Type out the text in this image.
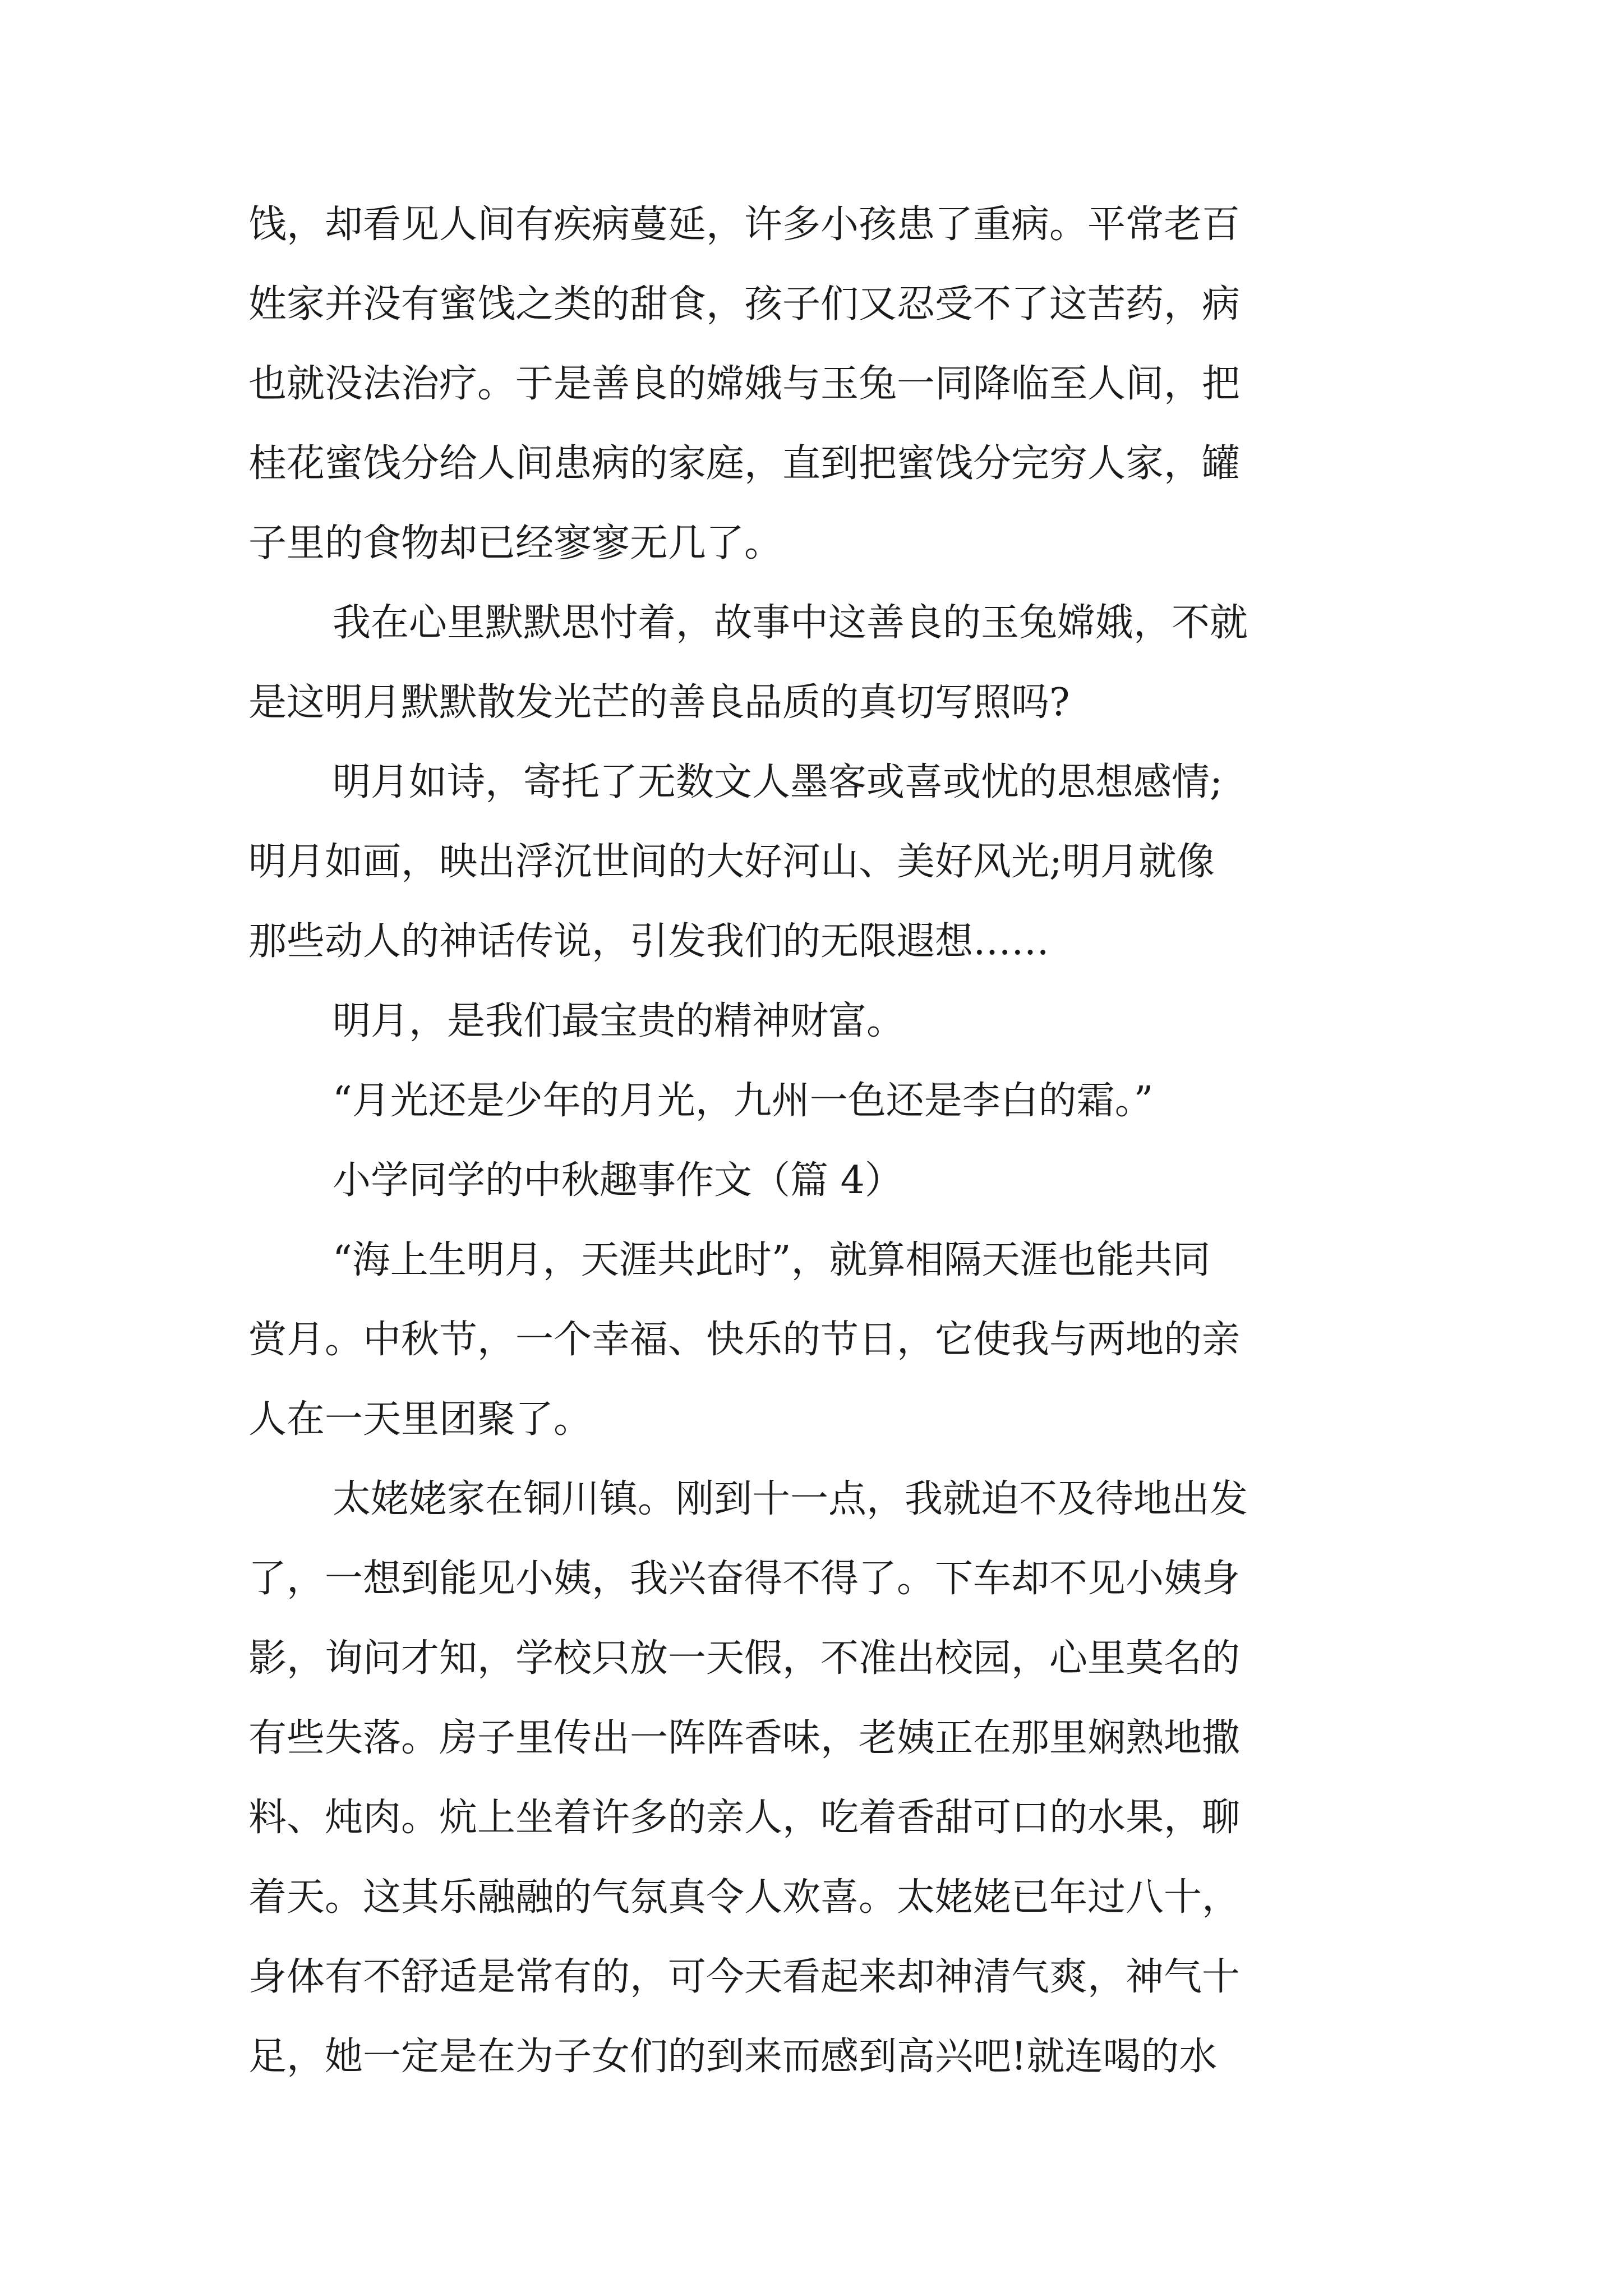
饯，却看见人间有疾病蔓延，许多小孩患了重病。平常老百
姓家并没有蜜饯之类的甜食，孩子们又忍受不了这苦药，病
也就没法治疗。于是善良的嫦娥与玉兔一同降临至人间，把
桂花蜜饯分给人间患病的家庭，直到把蜜饯分完穷人家，罐
子里的食物却已经寥寥无几了。
我在心里默默思忖着，故事中这善良的玉兔嫦娥，不就
是这明月默默散发光芒的善良品质的真切写照吗?
明月如诗，寄托了无数文人墨客或喜或忧的思想感情;
明月如画，映出浮沉世间的大好河山、美好风光;明月就像
那些动人的神话传说，引发我们的无限遐想……
明月，是我们最宝贵的精神财富。
“月光还是少年的月光，九州一色还是李白的霜。”
小学同学的中秋趣事作文（篇 4）
“海上生明月，天涯共此时”，就算相隔天涯也能共同
赏月。中秋节，一个幸福、快乐的节日，它使我与两地的亲
人在一天里团聚了。
太姥姥家在铜川镇。刚到十一点，我就迫不及待地出发
了，一想到能见小姨，我兴奋得不得了。下车却不见小姨身
影，询问才知，学校只放一天假，不准出校园，心里莫名的
有些失落。房子里传出一阵阵香味，老姨正在那里娴熟地撒
料、炖肉。炕上坐着许多的亲人，吃着香甜可口的水果，聊
着天。这其乐融融的气氛真令人欢喜。太姥姥已年过八十，
身体有不舒适是常有的，可今天看起来却神清气爽，神气十
足，她一定是在为子女们的到来而感到高兴吧!就连喝的水
